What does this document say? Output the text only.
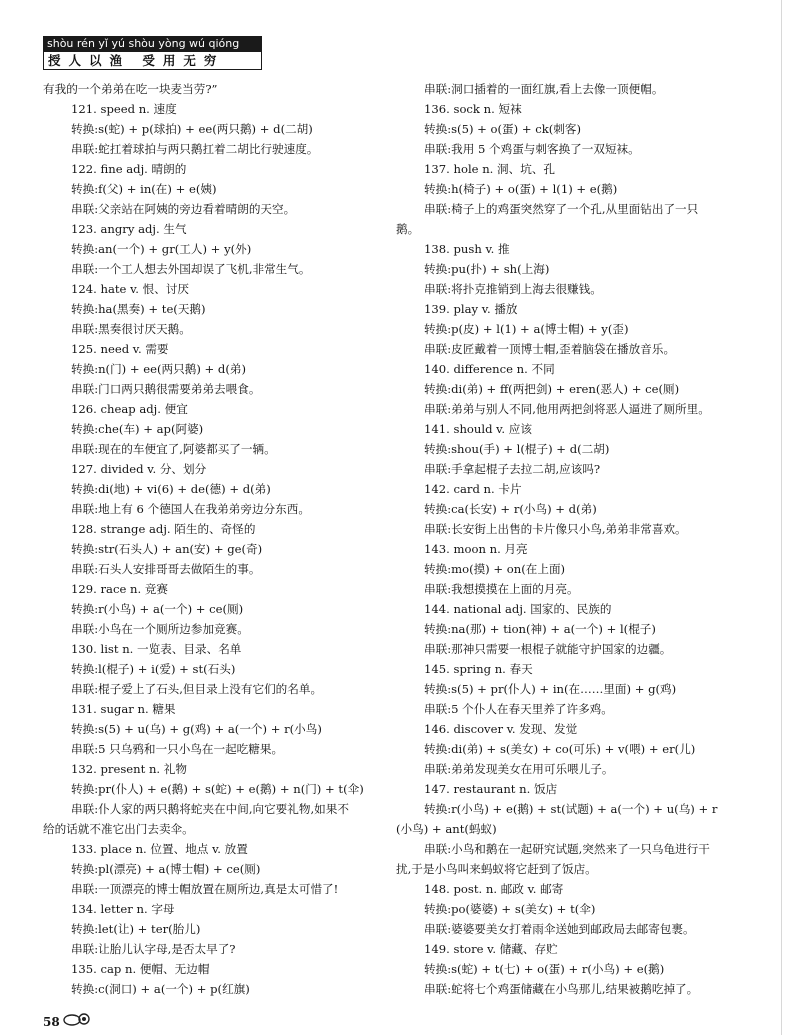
shòu rén yǐ yú shòu yòng wú qióng
授人以渔 受用无穷
有我的一个弟弟在吃一块麦当劳?”
121. speed n. 速度
转换:s(蛇) + p(球拍) + ee(两只鹅) + d(二胡)
串联:蛇扛着球拍与两只鹅扛着二胡比行驶速度。
122. fine adj. 晴朗的
转换:f(父) + in(在) + e(姨)
串联:父亲站在阿姨的旁边看着晴朗的天空。
123. angry adj. 生气
转换:an(一个) + gr(工人) + y(外)
串联:一个工人想去外国却误了飞机,非常生气。
124. hate v. 恨、讨厌
转换:ha(黑奏) + te(天鹅)
串联:黑奏很讨厌天鹅。
125. need v. 需要
转换:n(门) + ee(两只鹅) + d(弟)
串联:门口两只鹅很需要弟弟去喂食。
126. cheap adj. 便宜
转换:che(车) + ap(阿婆)
串联:现在的车便宜了,阿婆都买了一辆。
127. divided v. 分、划分
转换:di(地) + vi(6) + de(德) + d(弟)
串联:地上有 6 个德国人在我弟弟旁边分东西。
128. strange adj. 陌生的、奇怪的
转换:str(石头人) + an(安) + ge(奇)
串联:石头人安排哥哥去做陌生的事。
129. race n. 竞赛
转换:r(小鸟) + a(一个) + ce(厕)
串联:小鸟在一个厕所边参加竞赛。
130. list n. 一览表、目录、名单
转换:l(棍子) + i(爱) + st(石头)
串联:棍子爱上了石头,但目录上没有它们的名单。
131. sugar n. 糖果
转换:s(5) + u(乌) + g(鸡) + a(一个) + r(小鸟)
串联:5 只乌鸦和一只小鸟在一起吃糖果。
132. present n. 礼物
转换:pr(仆人) + e(鹅) + s(蛇) + e(鹅) + n(门) + t(伞)
串联:仆人家的两只鹅将蛇夹在中间,向它要礼物,如果不
给的话就不准它出门去卖伞。
133. place n. 位置、地点 v. 放置
转换:pl(漂亮) + a(博士帽) + ce(厕)
串联:一顶漂亮的博士帽放置在厕所边,真是太可惜了!
134. letter n. 字母
转换:let(让) + ter(胎儿)
串联:让胎儿认字母,是否太早了?
135. cap n. 便帽、无边帽
转换:c(洞口) + a(一个) + p(红旗)
串联:洞口插着的一面红旗,看上去像一顶便帽。
136. sock n. 短袜
转换:s(5) + o(蛋) + ck(刺客)
串联:我用 5 个鸡蛋与刺客换了一双短袜。
137. hole n. 洞、坑、孔
转换:h(椅子) + o(蛋) + l(1) + e(鹅)
串联:椅子上的鸡蛋突然穿了一个孔,从里面钻出了一只
鹅。
138. push v. 推
转换:pu(扑) + sh(上海)
串联:将扑克推销到上海去很赚钱。
139. play v. 播放
转换:p(皮) + l(1) + a(博士帽) + y(歪)
串联:皮匠戴着一顶博士帽,歪着脑袋在播放音乐。
140. difference n. 不同
转换:di(弟) + ff(两把剑) + eren(恶人) + ce(厕)
串联:弟弟与别人不同,他用两把剑将恶人逼进了厕所里。
141. should v. 应该
转换:shou(手) + l(棍子) + d(二胡)
串联:手拿起棍子去拉二胡,应该吗?
142. card n. 卡片
转换:ca(长安) + r(小鸟) + d(弟)
串联:长安街上出售的卡片像只小鸟,弟弟非常喜欢。
143. moon n. 月亮
转换:mo(摸) + on(在上面)
串联:我想摸摸在上面的月亮。
144. national adj. 国家的、民族的
转换:na(那) + tion(神) + a(一个) + l(棍子)
串联:那神只需要一根棍子就能守护国家的边疆。
145. spring n. 春天
转换:s(5) + pr(仆人) + in(在……里面) + g(鸡)
串联:5 个仆人在春天里养了许多鸡。
146. discover v. 发现、发觉
转换:di(弟) + s(美女) + co(可乐) + v(喂) + er(儿)
串联:弟弟发现美女在用可乐喂儿子。
147. restaurant n. 饭店
转换:r(小鸟) + e(鹅) + st(试题) + a(一个) + u(乌) + r
(小鸟) + ant(蚂蚁)
串联:小鸟和鹅在一起研究试题,突然来了一只乌龟进行干
扰,于是小鸟叫来蚂蚁将它赶到了饭店。
148. post. n. 邮政 v. 邮寄
转换:po(婆婆) + s(美女) + t(伞)
串联:婆婆要美女打着雨伞送她到邮政局去邮寄包裹。
149. store v. 储藏、存贮
转换:s(蛇) + t(七) + o(蛋) + r(小鸟) + e(鹅)
串联:蛇将七个鸡蛋储藏在小鸟那儿,结果被鹅吃掉了。
58
